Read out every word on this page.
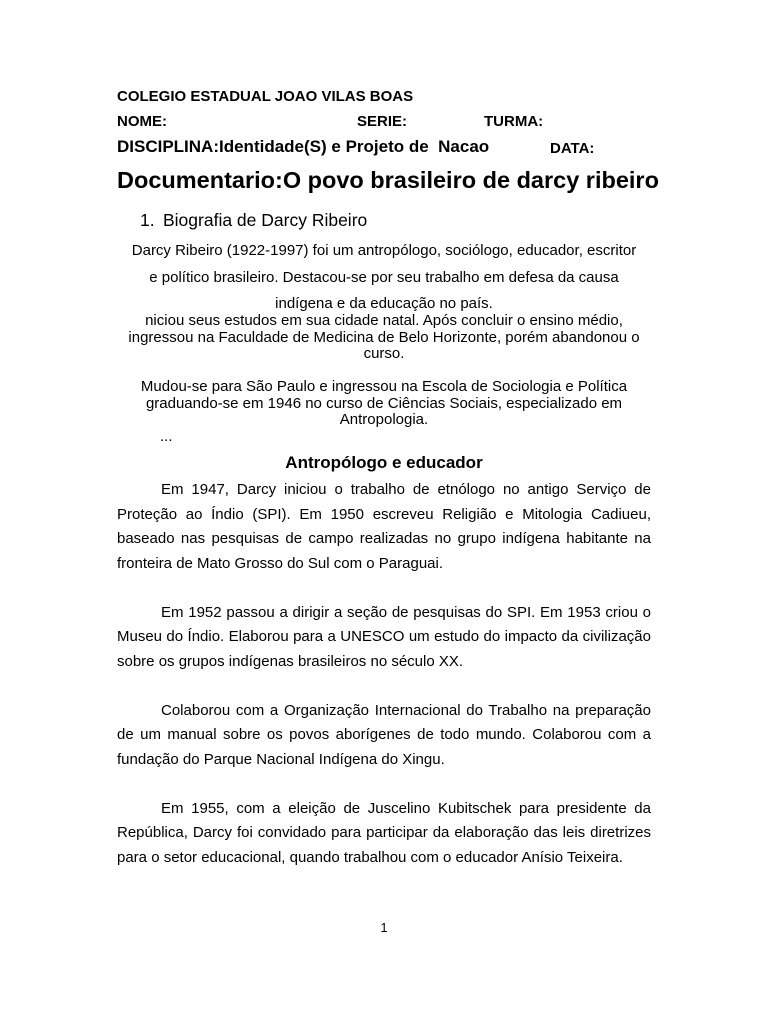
COLEGIO ESTADUAL JOAO VILAS BOAS
NOME:	SERIE:	TURMA:
DISCIPLINA:Identidade(S) e Projeto de  Nacao	DATA:
Documentario:O povo brasileiro de darcy ribeiro
1. Biografia de Darcy Ribeiro
Darcy Ribeiro (1922-1997) foi um antropólogo, sociólogo, educador, escritor
e político brasileiro. Destacou-se por seu trabalho em defesa da causa
indígena e da educação no país.
niciou seus estudos em sua cidade natal. Após concluir o ensino médio,
ingressou na Faculdade de Medicina de Belo Horizonte, porém abandonou o
curso.
Mudou-se para São Paulo e ingressou na Escola de Sociologia e Política
graduando-se em 1946 no curso de Ciências Sociais, especializado em
Antropologia.
...
Antropólogo e educador

Em 1947, Darcy iniciou o trabalho de etnólogo no antigo Serviço de Proteção ao Índio (SPI). Em 1950 escreveu Religião e Mitologia Cadiueu, baseado nas pesquisas de campo realizadas no grupo indígena habitante na fronteira de Mato Grosso do Sul com o Paraguai.

Em 1952 passou a dirigir a seção de pesquisas do SPI. Em 1953 criou o Museu do Índio. Elaborou para a UNESCO um estudo do impacto da civilização sobre os grupos indígenas brasileiros no século XX.

Colaborou com a Organização Internacional do Trabalho na preparação de um manual sobre os povos aborígenes de todo mundo. Colaborou com a fundação do Parque Nacional Indígena do Xingu.

Em 1955, com a eleição de Juscelino Kubitschek para presidente da República, Darcy foi convidado para participar da elaboração das leis diretrizes para o setor educacional, quando trabalhou com o educador Anísio Teixeira.

1
